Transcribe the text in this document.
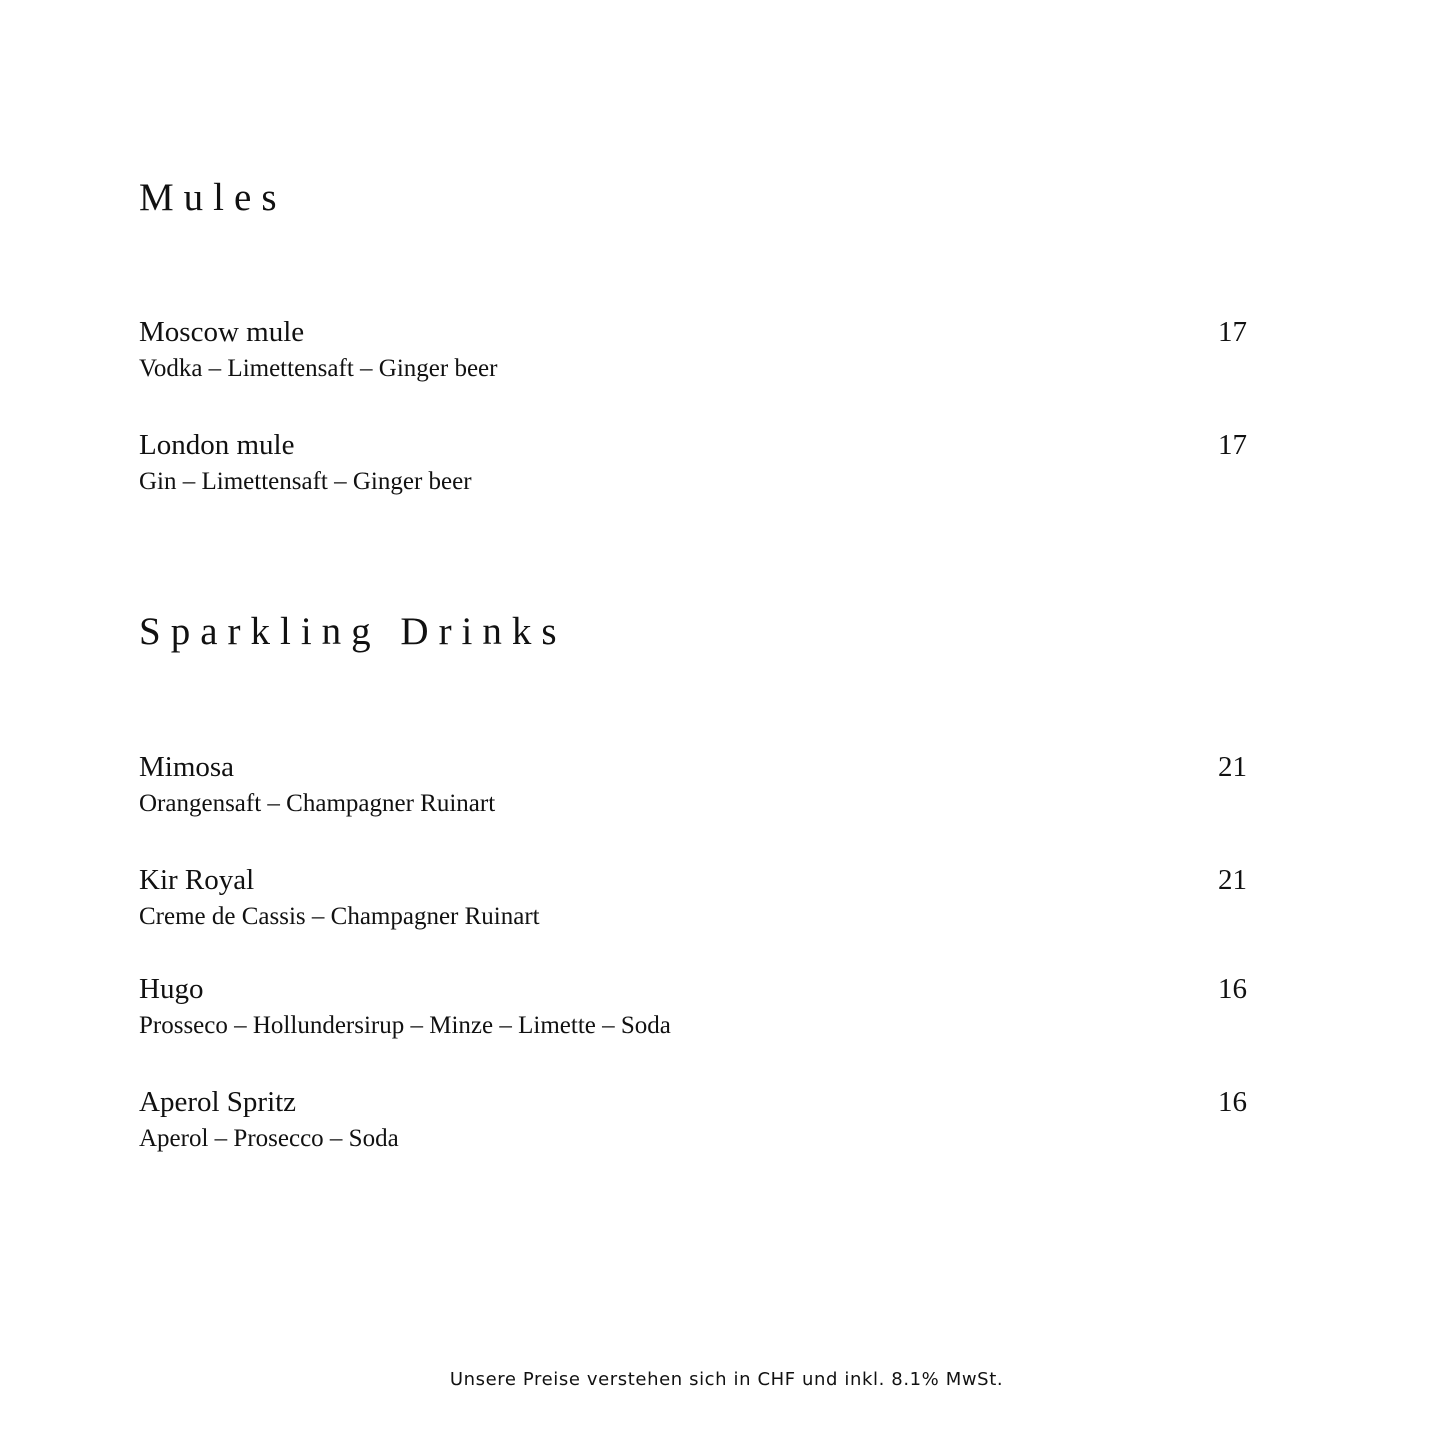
Mules
Moscow mule	17
Vodka – Limettensaft – Ginger beer
London mule	17
Gin – Limettensaft – Ginger beer
Sparkling Drinks
Mimosa	21
Orangensaft – Champagner Ruinart
Kir Royal	21
Creme de Cassis – Champagner Ruinart
Hugo	16
Prosseco – Hollundersirup – Minze – Limette – Soda
Aperol Spritz	16
Aperol – Prosecco – Soda
Unsere Preise verstehen sich in CHF und inkl. 8.1% MwSt.
